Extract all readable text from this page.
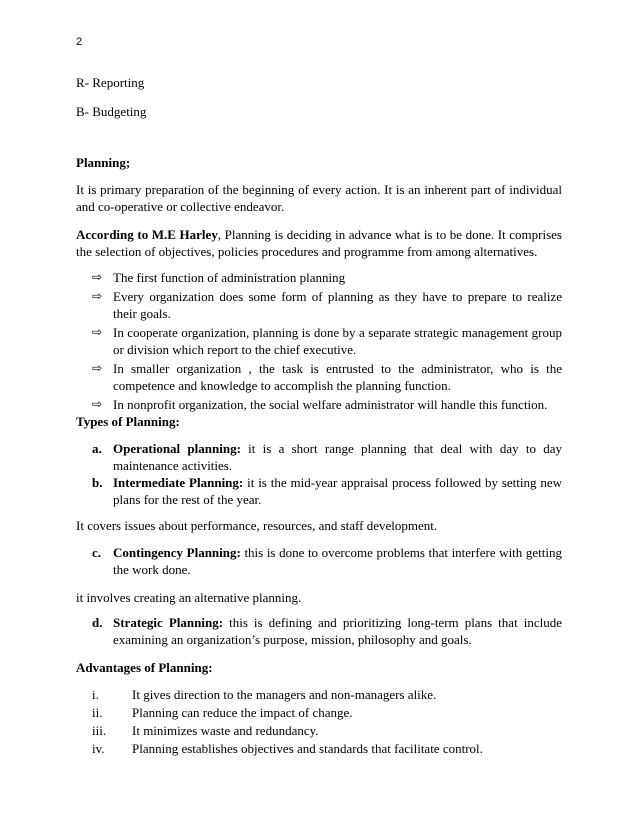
2
R- Reporting
B- Budgeting
Planning;
It is primary preparation of the beginning of every action. It is an inherent part of individual and co-operative or collective endeavor.
According to M.E Harley, Planning is deciding in advance what is to be done. It comprises the selection of objectives, policies procedures and programme from among alternatives.
⇨ The first function of administration planning
⇨ Every organization does some form of planning as they have to prepare to realize their goals.
⇨ In cooperate organization, planning is done by a separate strategic management group or division which report to the chief executive.
⇨ In smaller organization , the task is entrusted to the administrator, who is the competence and knowledge to accomplish the planning function.
⇨ In nonprofit organization, the social welfare administrator will handle this function.
Types of Planning:
a. Operational planning: it is a short range planning that deal with day to day maintenance activities.
b. Intermediate Planning: it is the mid-year appraisal process followed by setting new plans for the rest of the year.
It covers issues about performance, resources, and staff development.
c. Contingency Planning: this is done to overcome problems that interfere with getting the work done.
it involves creating an alternative planning.
d. Strategic Planning: this is defining and prioritizing long-term plans that include examining an organization’s purpose, mission, philosophy and goals.
Advantages of Planning:
i.	It gives direction to the managers and non-managers alike.
ii. Planning can reduce the impact of change.
iii. It minimizes waste and redundancy.
iv. Planning establishes objectives and standards that facilitate control.
